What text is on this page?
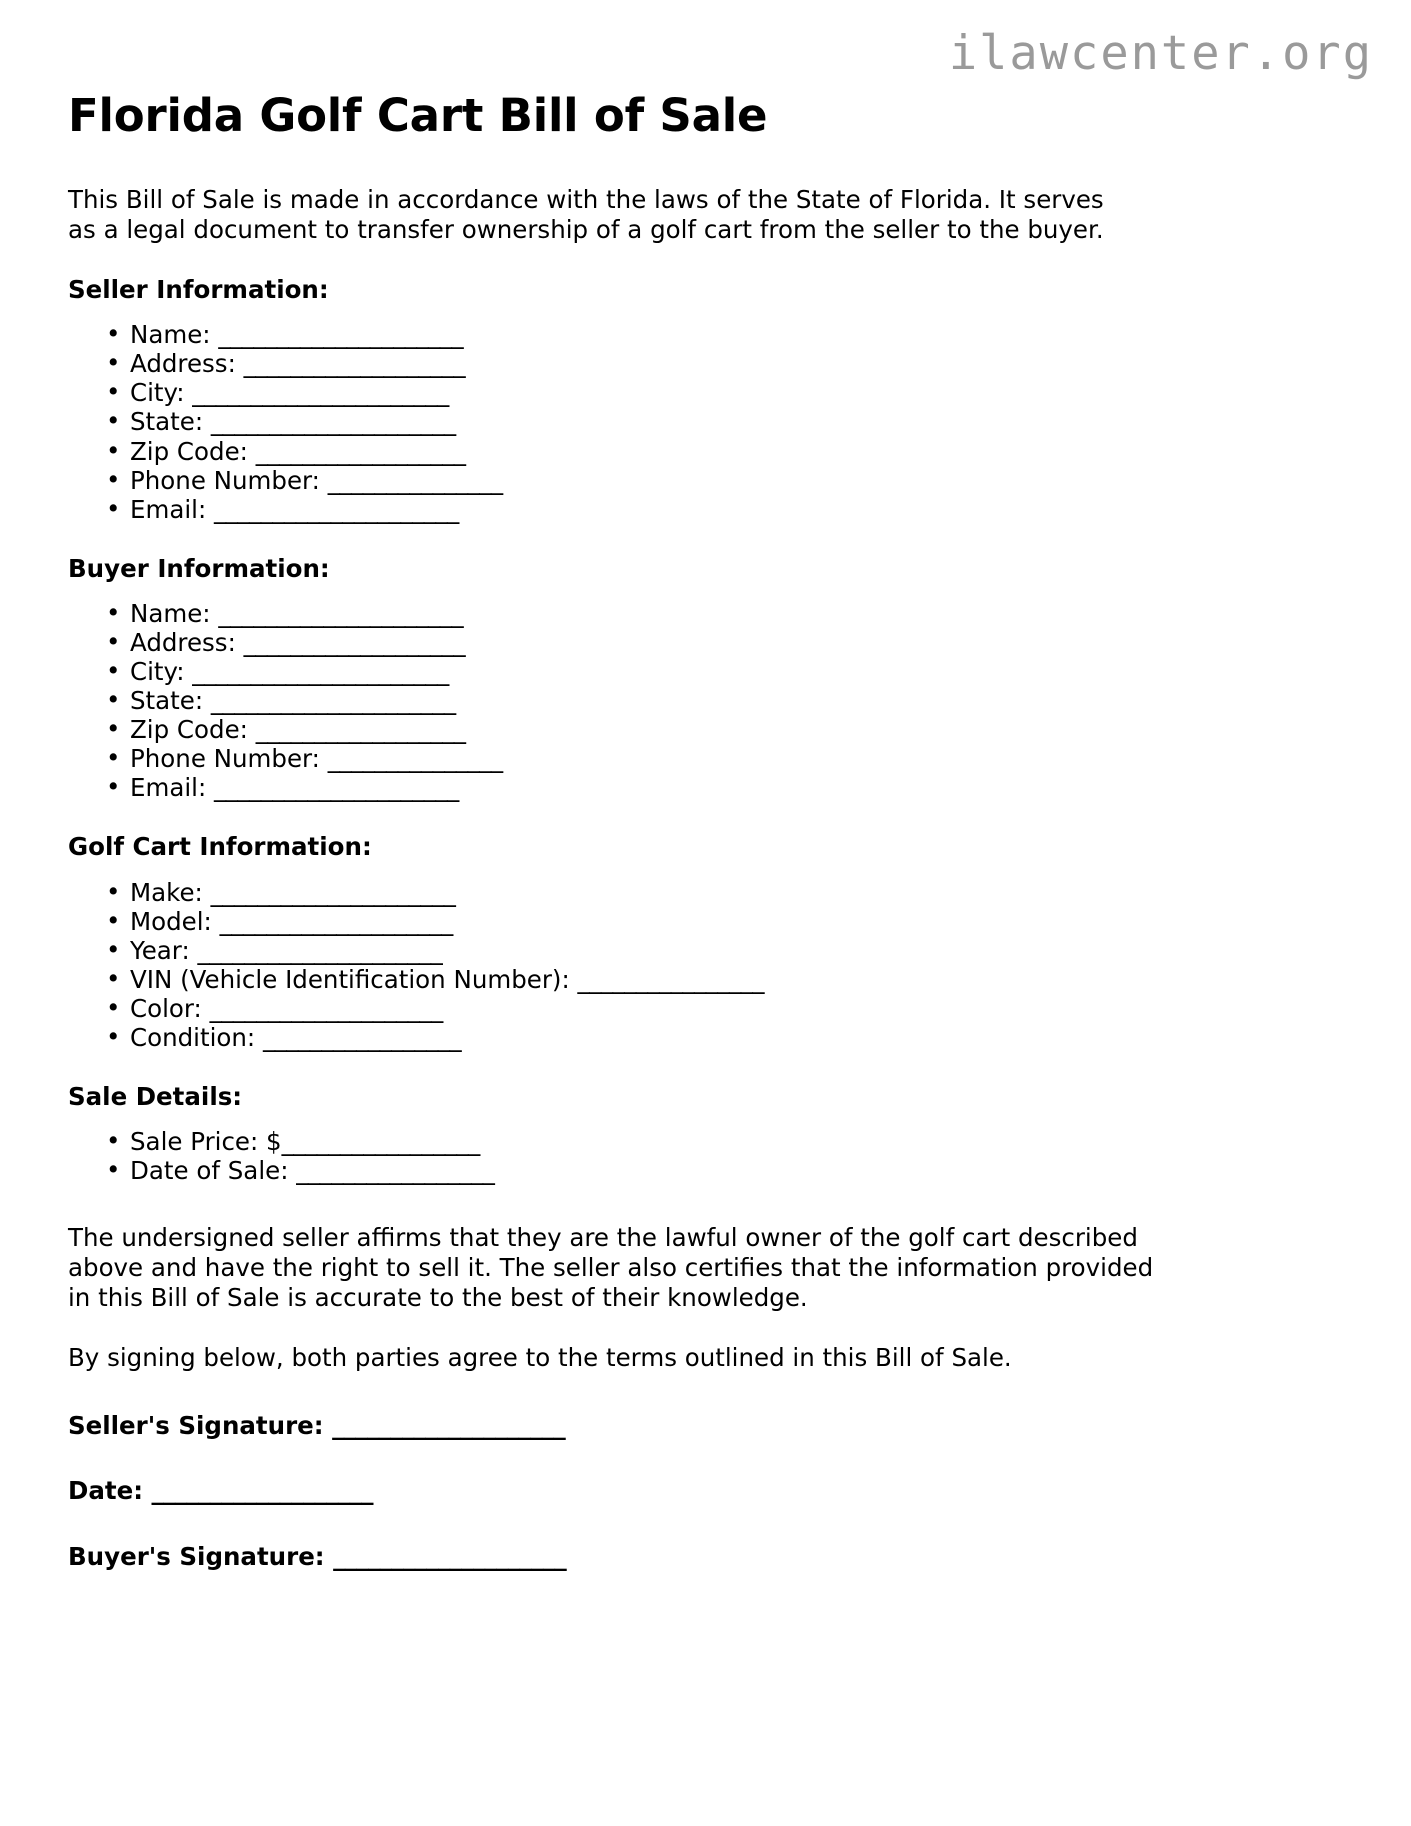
ilawcenter.org
Florida Golf Cart Bill of Sale

This Bill of Sale is made in accordance with the laws of the State of Florida. It serves as a legal document to transfer ownership of a golf cart from the seller to the buyer.

Seller Information:
• Name: _____________________
• Address: ___________________
• City: ______________________
• State: _____________________
• Zip Code: __________________
• Phone Number: _______________
• Email: _____________________
Buyer Information:
• Name: _____________________
• Address: ___________________
• City: ______________________
• State: _____________________
• Zip Code: __________________
• Phone Number: _______________
• Email: _____________________
Golf Cart Information:
• Make: _____________________
• Model: ____________________
• Year: _____________________
• VIN (Vehicle Identification Number): ________________
• Color: ____________________
• Condition: _________________
Sale Details:
• Sale Price: $_________________
• Date of Sale: _________________

The undersigned seller affirms that they are the lawful owner of the golf cart described above and have the right to sell it. The seller also certifies that the information provided in this Bill of Sale is accurate to the best of their knowledge.

By signing below, both parties agree to the terms outlined in this Bill of Sale.

Seller's Signature: ____________________
Date: ___________________
Buyer's Signature: ____________________
